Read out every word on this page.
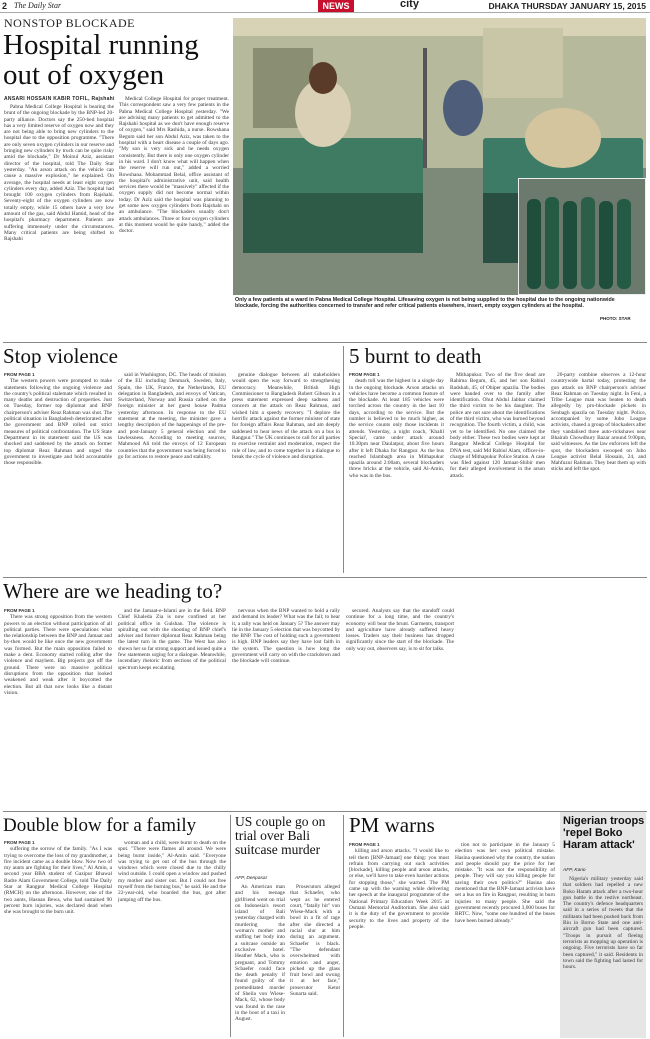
2 The Daily Star	NEWS	city	DHAKA THURSDAY JANUARY 15, 2015
NONSTOP BLOCKADE
Hospital running
out of oxygen
ANSARI HOSSAIN KABIR TOFIL, Rajshahi

Pabna Medical College Hospital is bearing the brunt of the ongoing blockade by the BNP-led 20-party alliance. Doctors say the 250-bed hospital has a very limited reserve of oxygen now and they are not being able to bring new cylinders to the hospital due to the opposition programme. "There are only seven oxygen cylinders in our reserve and bringing new cylinders by truck can be quite risky amid the blockade," Dr Moinul Aziz, assistant director of the hospital, told The Daily Star yesterday. "An arson attack on the vehicle can cause a massive explosion," he explained. On average, the hospital needs at least eight oxygen cylinders every day, added Aziz. The hospital had brought 100 oxygen cylinders from Rajshahi. Seventy-eight of the oxygen cylinders are now totally empty, while 15 others have a very low amount of the gas, said Abdul Hamid, head of the hospital's pharmacy department. Patients are suffering immensely under the circumstances. Many critical patients are being shifted to Rajshahi

Medical College Hospital for proper treatment. This correspondent saw a very few patients in the Pabna Medical College Hospital yesterday. "We are advising many patients to get admitted to the Rajshahi hospital as we don't have enough reserve of oxygen," said Mrs Rashida, a nurse. Rowshana Begum said her son Abdul Aziz, was taken to the hospital with a heart disease a couple of days ago. "My son is very sick and he needs oxygen consistently. But there is only one oxygen cylinder in his ward. I don't know what will happen when the reserve will run out," added a worried Rowshana. Mohammad Belal, office assistant of the hospital's administrative unit, said health services there would be "massively" affected if the oxygen supply did not become normal within today. Dr Aziz said the hospital was planning to get some new oxygen cylinders from Rajshahi on an ambulance. "The blockaders usually don't attack ambulances. Three or four oxygen cylinders at this moment would be quite handy," added the doctor.

Only a few patients at a ward in Pabna Medical College Hospital. Lifesaving oxygen is not being supplied to the hospital due to the ongoing nationwide blockade, forcing the authorities concerned to transfer and refer critical patients elsewhere, insert, empty oxygen cylinders at the hospital.
PHOTO: STAR
Stop violence
FROM PAGE 1

The western powers were prompted to make statements following the ongoing violence and the country's political stalemate which resulted in many deaths and destruction of properties. Just on Tuesday, former top diplomat and BNP chairperson's adviser Reaz Rahman was shot. The political situation in Bangladesh deteriorated after the government and BNP rolled out strict measures of political confrontation. The US State Department in its statement said the US was shocked and saddened by the attack on former top diplomat Reaz Rahman and urged the government to investigate and hold accountable those responsible.

said in Washington, DC. The heads of mission of the EU including Denmark, Sweden, Italy, Spain, the UK, France, the Netherlands, EU delegation in Bangladesh, and envoys of Vatican, Switzerland, Norway and Russia called on the foreign minister at her guest house Padma yesterday afternoon. In response to the EU statement at the meeting, the minister gave a lengthy description of the happenings of the pre- and post-January 5 general election and the lawlessness. According to meeting sources, Mahmood Ali told the envoys of 12 European countries that the government was being forced to go for actions to restore peace and stability.

genuine dialogue between all stakeholders would open the way forward to strengthening democracy. Meanwhile, British High Commissioner to Bangladesh Robert Gibson in a press statement expressed deep sadness and concern at the attack on Reaz Rahman, and wished him a speedy recovery. "I deplore the horrific attack against the former minister of state for foreign affairs Reaz Rahman, and am deeply saddened to hear news of the attack on a bus in Rangpur." The UK continues to call for all parties to exercise restraint and moderation, respect the rule of law, and to come together in a dialogue to break the cycle of violence and disruption.

5 burnt to death
FROM PAGE 1

death toll was the highest in a single day in the ongoing blockade. Arson attacks on vehicles have become a common feature of the blockade. At least 185 vehicles were torched across the country in the last 10 days, according to the service. But the number is believed to be much higher, as the service counts only those incidents it attends. Yesterday, a night coach, 'Khalil Special', came under attack around 10.30pm near Daulatpur, about five hours after it left Dhaka for Rangpur. As the bus reached Islambagh area in Mithapukur upazila around 2:00am, several blockaders threw bricks at the vehicle, said Al-Amin, who was in the bus.

Mithapukur. Two of the five dead are Rahima Begum, 45, and her son Rabiul Badshah, 45, of Ohiper upazila. The bodies were handed over to the family after identification. Ohut Abdul Jabbar claimed the third victim to be his daughter. The police are not sure about the identifications of the third victim, who was burned beyond recognition. The fourth victim, a child, was yet to be identified. No one claimed the body either. These two bodies were kept at Rangpur Medical College Hospital for DNA test, said Md Rabiul Alam, officer-in-charge of Mithapukur Police Station. A case was filed against 120 Jamaat-Shibir men for their alleged involvement in the arson attack.

20-party combine observes a 12-hour countrywide hartal today, protesting the gun attack on BNP chairperson's adviser Reaz Rahman on Tuesday night. In Feni, a Tribe League man was beaten to death allegedly by pro-blockade pickets in Senbagh upazila on Tuesday night. Police, accompanied by some Jubo League activists, chased a group of blockaders after they vandalised three auto-rickshaws near Bhairab Chowdhury Bazar around 9:00pm, said witnesses. As the law enforcers left the spot, the blockaders swooped on Jubo League activist Belal Hossain, 24, and Mahfuzur Rahman. They beat them up with sticks and left the spot.

Where are we heading to?
FROM PAGE 1

There was strong opposition from the western powers to an election without participation of all political parties. There were speculations what the relationship between the BNP and Jamaat and by-then would be like once the new government was formed. But the main opposition failed to make a dent. Economy started rolling after the violence and mayhem. Big projects got off the ground. There were no massive political disruptions from the opposition that looked weakened and weak after it boycotted the election. But all that now looks like a distant vision.

and the Jamaat-e-Islami are in the field. BNP Chief Khaleda Zia is now confined at her political office in Gulshan. The violence is spiralling out with the shooting of BNP chief's adviser and former diplomat Reaz Rahman being the latest turn in the game. The West has also shown her so far strong support and issued quite a few statements urging for a dialogue. Meanwhile, incendiary rhetoric from sections of the political spectrum keeps escalating.

nervous when the BNP wanted to hold a rally and demand its leader? What was the fail; to hear it, a rally was held on January 5? The answer may lie in the January 5 election that was boycotted by the BNP. The cost of holding such a government is high. BNP leaders say they have lost faith in the system. The question is how long the government will carry on with the crackdown and the blockade will continue.

secured. Analysts say that the standoff could continue for a long time, and the country's economy will bear the brunt. Garments, transport and agriculture have already suffered heavy losses. Traders say their business has dropped significantly since the start of the blockade. The only way out, observers say, is to sit for talks.

Double blow for a family
FROM PAGE 1

suffering the sorrow of the family. "As I was trying to overcome the loss of my grandmother, a fire incident came as a double blow. Now two of my aunts are fighting for their lives," Al Amin, a second year BBA student of Gazipur Bhawal Badre Alam Government College, told The Daily Star at Rangpur Medical College Hospital (RMCH) on the afternoon. However, one of the two aunts, Hasnan Bewa, who had sustained 90 percent burn injuries, was declared dead when she was brought to the burn unit.

woman and a child, were burnt to death on the spot. "There were flames all around. We were being burnt inside," Al-Amin said. "Everyone was trying to get out of the bus through the windows which were closed due to the chilly wind outside. I could open a window and pushed my mother and sister out. But I could not free myself from the burning bus," he said. He and the 22-year-old, who boarded the bus, got after jumping off the bus.

US couple go on trial over Bali suitcase murder
AFP, Denpasar

An American man and his teenage girlfriend went on trial on Indonesia's resort island of Bali yesterday charged with murdering the woman's mother and stuffing her body into a suitcase outside an exclusive hotel. Heather Mack, who is pregnant, and Tommy Schaefer could face the death penalty if found guilty of the premeditated murder of Sheila von Wiese-Mack, 62, whose body was found in the case in the boot of a taxi in August.

Prosecutors alleged that Schaefer, who wept as he entered court, "fatally hit" von Wiese-Mack with a bowl in a fit of rage after she directed a racial slur at him during an argument. Schaefer is black. "The defendant overwhelmed with emotion and anger, picked up the glass fruit bowl and swung it at her face," prosecutor Ketut Sunarta said.

PM warns
FROM PAGE 1

killing and arson attacks. "I would like to tell them [BNP-Jamaat] one thing: you must refrain from carrying out such activities [blockade], killing people and arson attacks, or else, we'll have to take even harsher actions for stopping those," she warned. The PM came up with the warning while delivering her speech at the inaugural programme of the National Primary Education Week 2015 at Osmani Memorial Auditorium. She also said it is the duty of the government to provide security to the lives and property of the people.

tion not to participate in the January 5 election was her own political mistake. Hasina questioned why the country, the nation and people should pay the price for her mistake. "It was not the responsibility of people. They will say you killing people for saving their own politics?" Hasina also mentioned that the BNP-Jamaat activists have set a bus on fire in Rangpur, resulting in burn injuries to many people. She said the government recently procured 3,000 buses for BRTC. Now, "some one hundred of the buses have been burned already."

Nigerian troops 'repel Boko Haram attack'
AFP, Kano

Nigeria's military yesterday said that soldiers had repelled a new Boko Haram attack after a two-hour gun battle in the restive northeast. The country's defence headquarters said in a series of tweets that the militants had been pushed back from Biu in Borno State and one anti-aircraft gun had been captured. "Troops in pursuit of fleeing terrorists as mopping up operation is ongoing. Five terrorists have so far been captured," it said. Residents in town said the fighting had lasted for hours.
